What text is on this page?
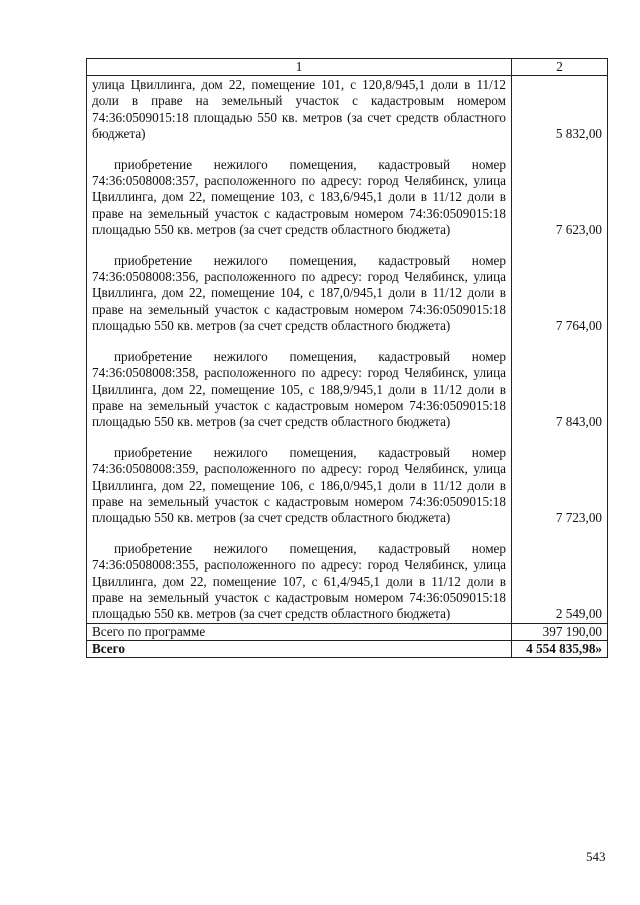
1	2
улица Цвиллинга, дом 22, помещение 101, с 120,8/945,1 доли в 11/12 доли в праве на земельный участок с кадастровым номером 74:36:0509015:18 площадью 550 кв. метров (за счет средств областного бюджета)	5 832,00
приобретение нежилого помещения, кадастровый номер 74:36:0508008:357, расположенного по адресу: город Челябинск, улица Цвиллинга, дом 22, помещение 103, с 183,6/945,1 доли в 11/12 доли в праве на земельный участок с кадастровым номером 74:36:0509015:18 площадью 550 кв. метров (за счет средств областного бюджета)	7 623,00
приобретение нежилого помещения, кадастровый номер 74:36:0508008:356, расположенного по адресу: город Челябинск, улица Цвиллинга, дом 22, помещение 104, с 187,0/945,1 доли в 11/12 доли в праве на земельный участок с кадастровым номером 74:36:0509015:18 площадью 550 кв. метров (за счет средств областного бюджета)	7 764,00
приобретение нежилого помещения, кадастровый номер 74:36:0508008:358, расположенного по адресу: город Челябинск, улица Цвиллинга, дом 22, помещение 105, с 188,9/945,1 доли в 11/12 доли в праве на земельный участок с кадастровым номером 74:36:0509015:18 площадью 550 кв. метров (за счет средств областного бюджета)	7 843,00
приобретение нежилого помещения, кадастровый номер 74:36:0508008:359, расположенного по адресу: город Челябинск, улица Цвиллинга, дом 22, помещение 106, с 186,0/945,1 доли в 11/12 доли в праве на земельный участок с кадастровым номером 74:36:0509015:18 площадью 550 кв. метров (за счет средств областного бюджета)	7 723,00
приобретение нежилого помещения, кадастровый номер 74:36:0508008:355, расположенного по адресу: город Челябинск, улица Цвиллинга, дом 22, помещение 107, с 61,4/945,1 доли в 11/12 доли в праве на земельный участок с кадастровым номером 74:36:0509015:18 площадью 550 кв. метров (за счет средств областного бюджета)	2 549,00
Всего по программе	397 190,00
Всего	4 554 835,98»
543
